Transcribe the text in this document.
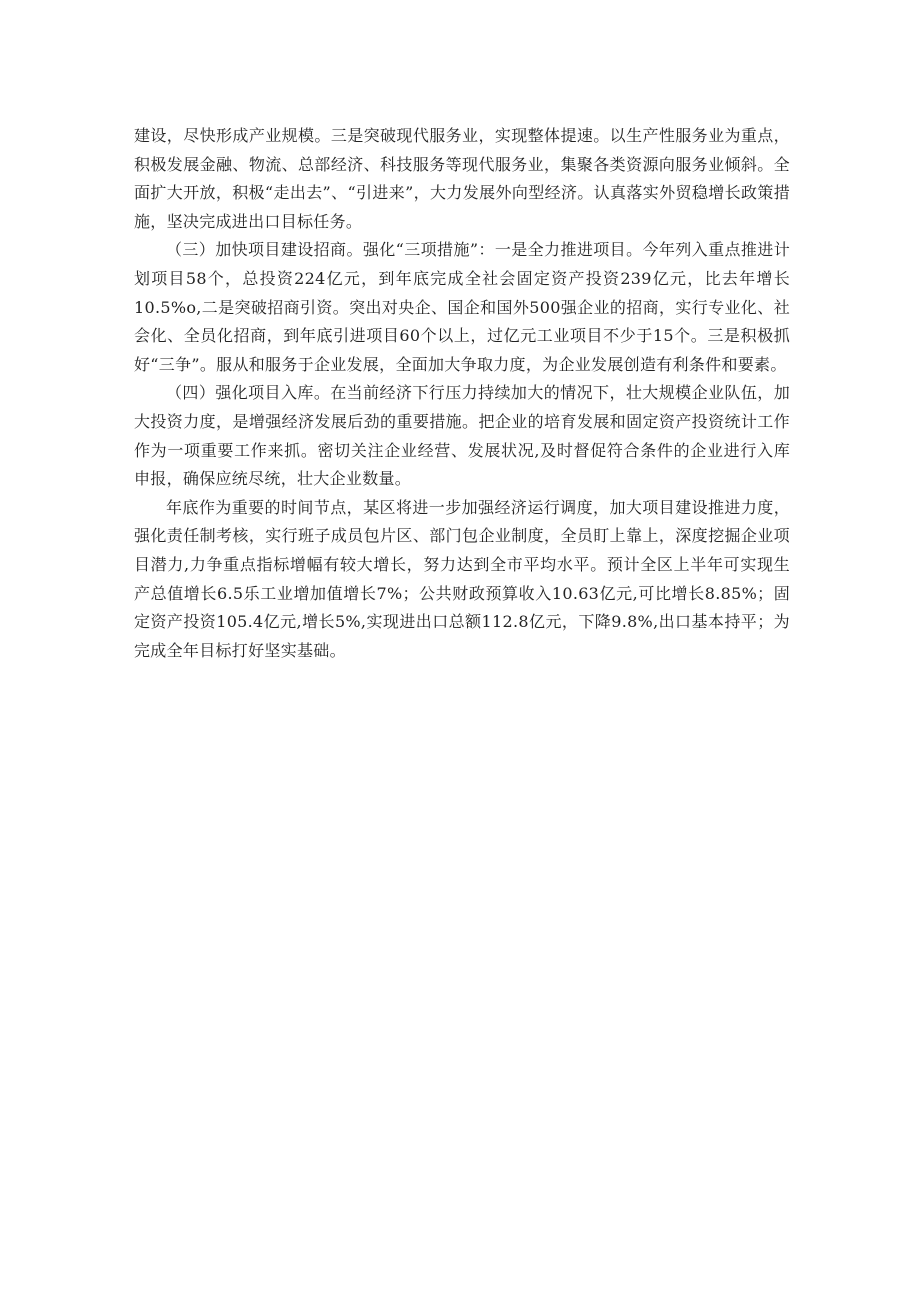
建设，尽快形成产业规模。三是突破现代服务业，实现整体提速。以生产性服务业为重点，积极发展金融、物流、总部经济、科技服务等现代服务业，集聚各类资源向服务业倾斜。全面扩大开放，积极“走出去”、“引进来”，大力发展外向型经济。认真落实外贸稳增长政策措施，坚决完成进出口目标任务。

（三）加快项目建设招商。强化“三项措施”：一是全力推进项目。今年列入重点推进计划项目58个，总投资224亿元，到年底完成全社会固定资产投资239亿元，比去年增长10.5%o,二是突破招商引资。突出对央企、国企和国外500强企业的招商，实行专业化、社会化、全员化招商，到年底引进项目60个以上，过亿元工业项目不少于15个。三是积极抓好“三争”。服从和服务于企业发展，全面加大争取力度，为企业发展创造有利条件和要素。

（四）强化项目入库。在当前经济下行压力持续加大的情况下，壮大规模企业队伍，加大投资力度，是增强经济发展后劲的重要措施。把企业的培育发展和固定资产投资统计工作作为一项重要工作来抓。密切关注企业经营、发展状况,及时督促符合条件的企业进行入库申报，确保应统尽统，壮大企业数量。

年底作为重要的时间节点，某区将进一步加强经济运行调度，加大项目建设推进力度，强化责任制考核，实行班子成员包片区、部门包企业制度，全员盯上靠上，深度挖掘企业项目潜力,力争重点指标增幅有较大增长，努力达到全市平均水平。预计全区上半年可实现生产总值增长6.5乐工业增加值增长7%；公共财政预算收入10.63亿元,可比增长8.85%；固定资产投资105.4亿元,增长5%,实现进出口总额112.8亿元，下降9.8%,出口基本持平；为完成全年目标打好坚实基础。
